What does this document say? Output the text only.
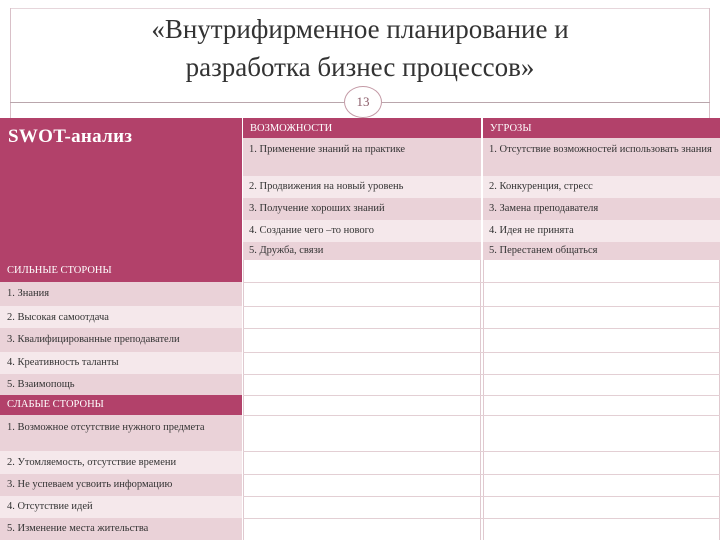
«Внутрифирменное планирование и
разработка бизнес процессов»
13
SWOT-анализ
СИЛЬНЫЕ СТОРОНЫ
1. Знания
2. Высокая самоотдача
3. Квалифицированные преподаватели
4. Креативность таланты
5. Взаимопощь
СЛАБЫЕ СТОРОНЫ
1. Возможное отсутствие нужного предмета
2. Утомляемость, отсутствие времени
3. Не успеваем усвоить информацию
4. Отсутствие идей
5. Изменение места жительства
ВОЗМОЖНОСТИ
1. Применение знаний на практике
2. Продвижения на новый уровень
3. Получение хороших знаний
4. Создание чего –то нового
5. Дружба, связи
УГРОЗЫ
1. Отсутствие возможностей использовать знания
2. Конкуренция, стресс
3. Замена преподавателя
4. Идея не принята
5. Перестанем общаться
